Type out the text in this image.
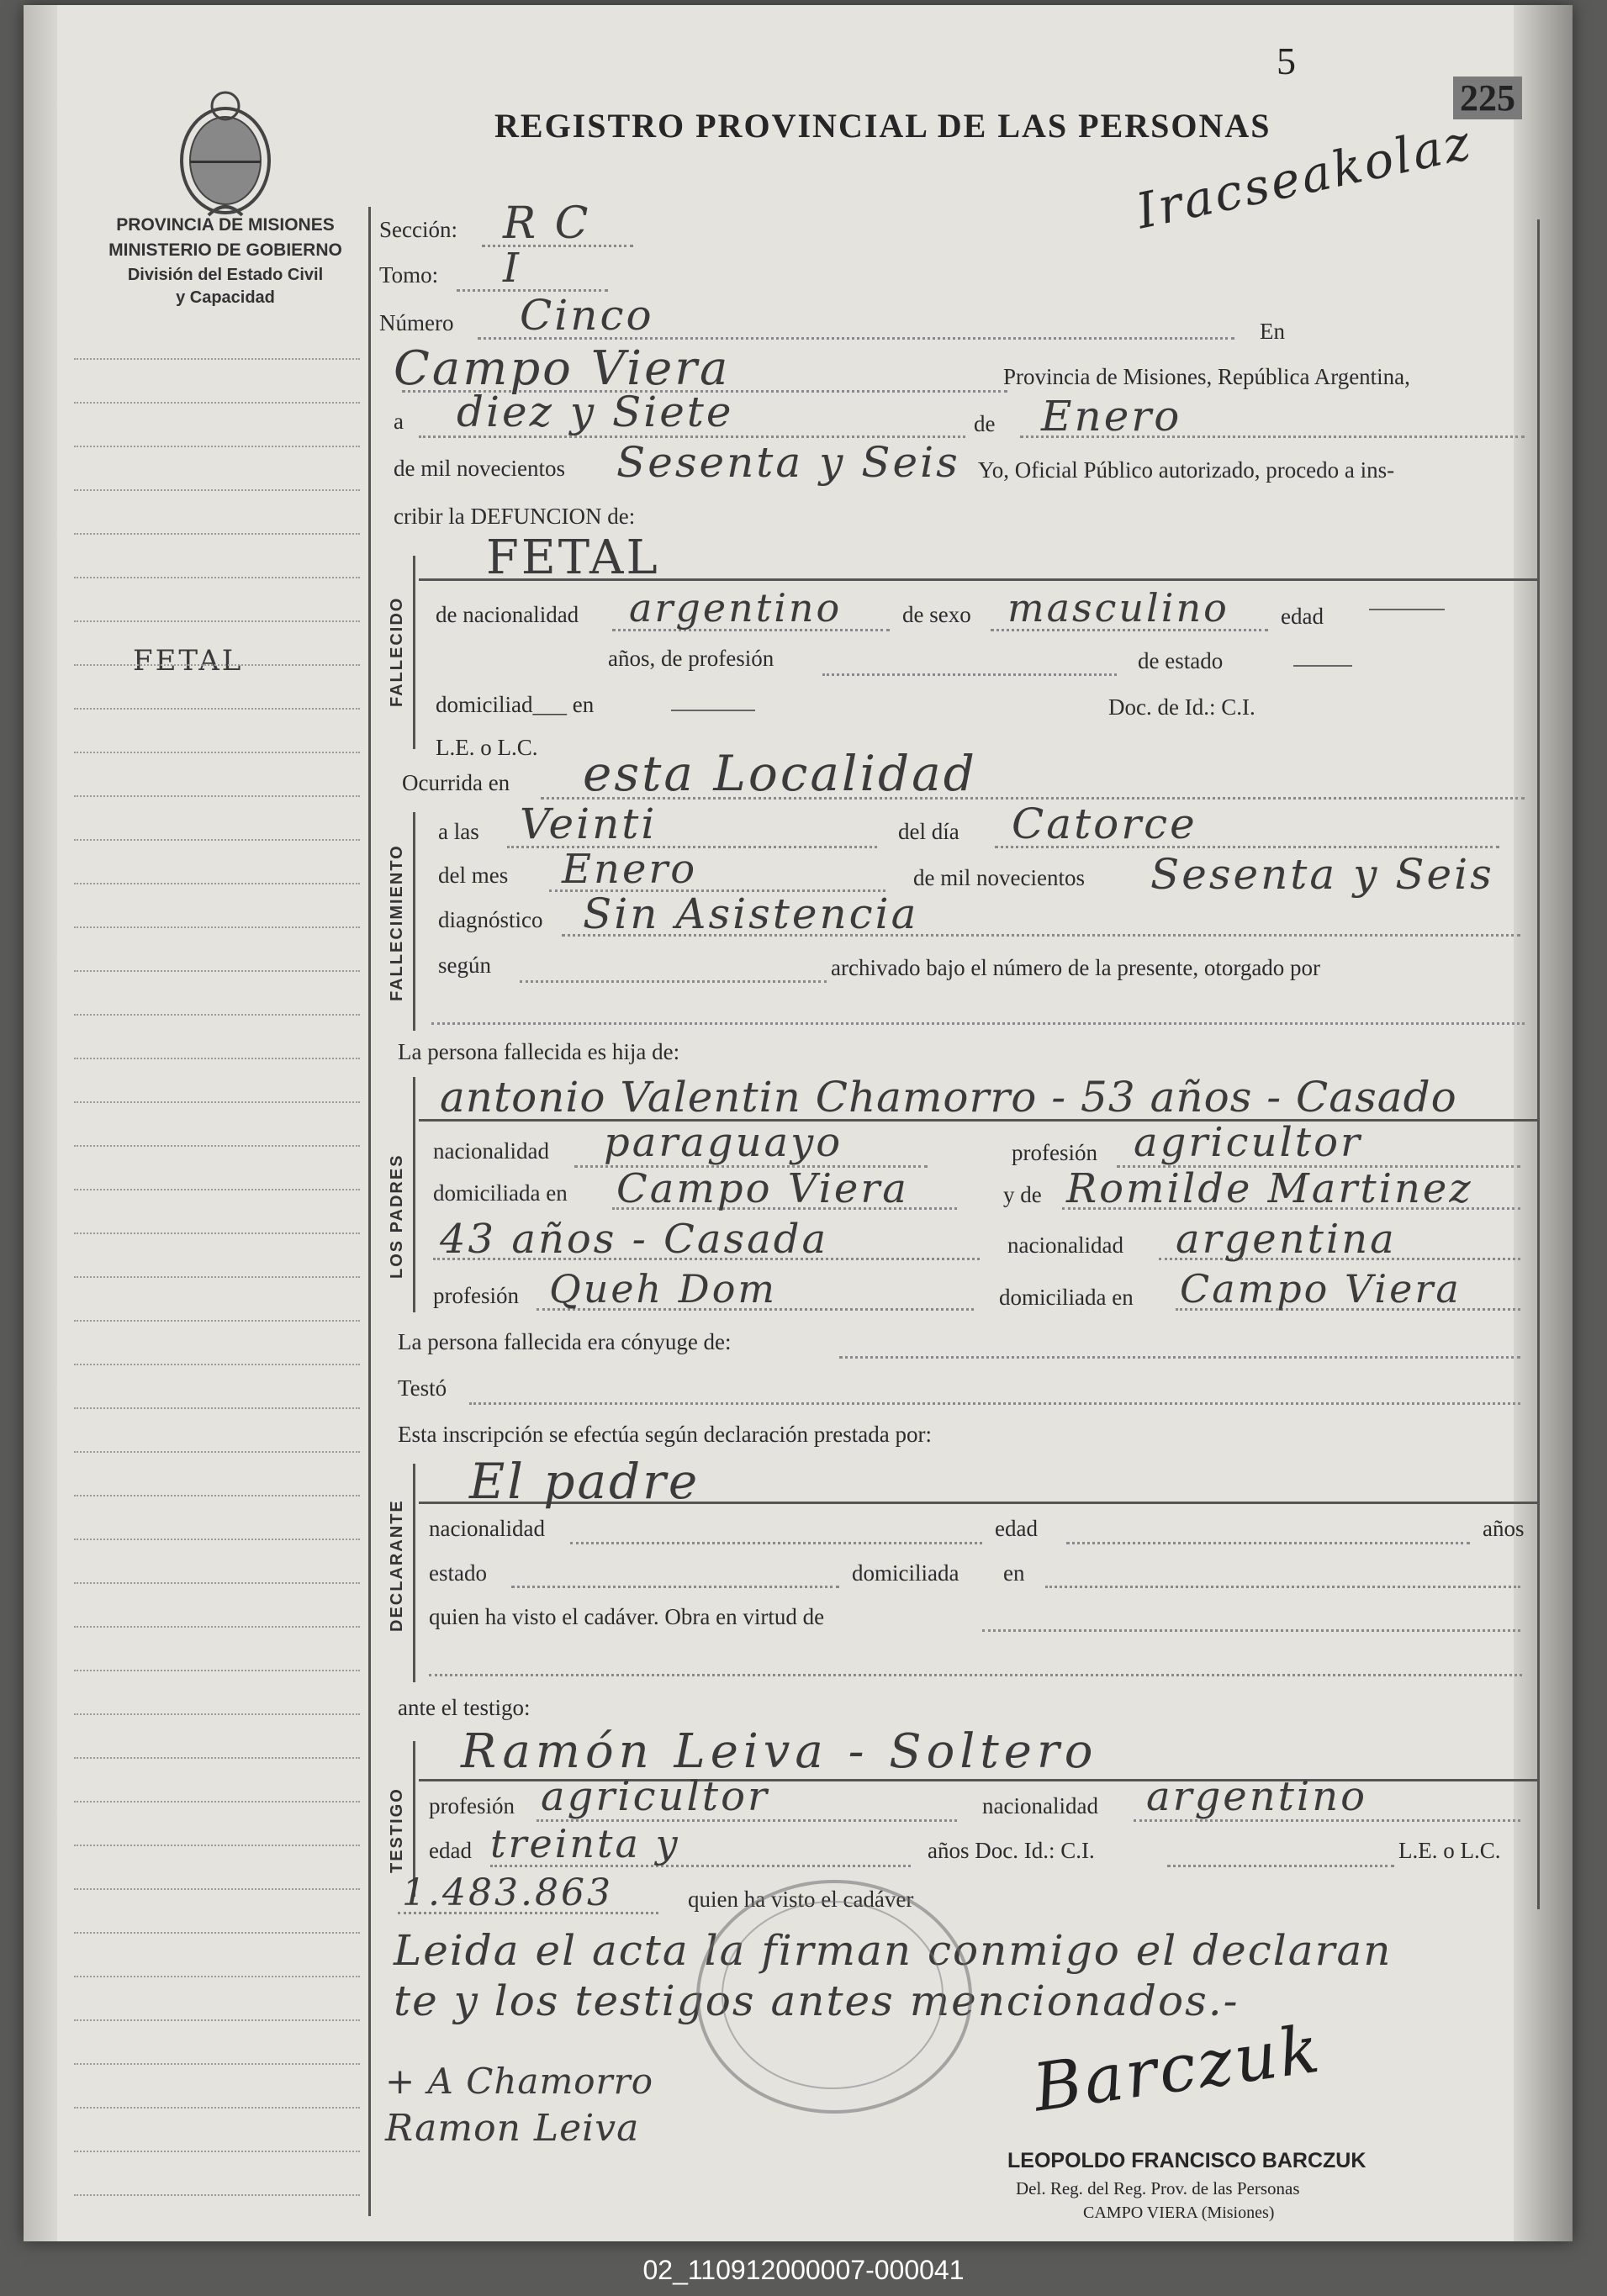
5
225
REGISTRO PROVINCIAL DE LAS PERSONAS
Iracseakolaz
PROVINCIA DE MISIONES
MINISTERIO DE GOBIERNO
División del Estado Civil
y Capacidad
FETAL
Sección: R C
Tomo: I
Número Cinco	En
Campo Viera	Provincia de Misiones, República Argentina,
a diez y Siete	de Enero
de mil novecientos Sesenta y Seis Yo, Oficial Público autorizado, procedo a ins-
cribir la DEFUNCION de:
FALLECIDO
FETAL
de nacionalidad argentino	de sexo masculino edad
años, de profesión	de estado
domiciliad___ en	Doc. de Id.: C.I.
L.E. o L.C.
Ocurrida en esta Localidad
FALLECIMIENTO
a las Veinti	del día Catorce
del mes Enero	de mil novecientos Sesenta y Seis
diagnóstico Sin Asistencia
según	archivado bajo el número de la presente, otorgado por
La persona fallecida es hija de:
LOS PADRES
antonio Valentin Chamorro - 53 años - Casado
nacionalidad paraguayo	profesión agricultor
domiciliada en Campo Viera	y de Romilde Martinez
43 años - Casada	nacionalidad argentina
profesión Queh Dom	domiciliada en Campo Viera
La persona fallecida era cónyuge de:
Testó
Esta inscripción se efectúa según declaración prestada por:
DECLARANTE
El padre
nacionalidad	edad	años
estado	domiciliada en
quien ha visto el cadáver. Obra en virtud de
ante el testigo:
TESTIGO
Ramón Leiva - Soltero
profesión agricultor	nacionalidad argentino
edad treinta y	años Doc. Id.: C.I.	L.E. o L.C.
1.483.863	quien ha visto el cadáver
Leida el acta la firman conmigo el declaran
te y los testigos antes mencionados.-
+ A Chamorro
Ramon Leiva
Barczuk
LEOPOLDO FRANCISCO BARCZUK
Del. Reg. del Reg. Prov. de las Personas
CAMPO VIERA (Misiones)
02_110912000007-000041
